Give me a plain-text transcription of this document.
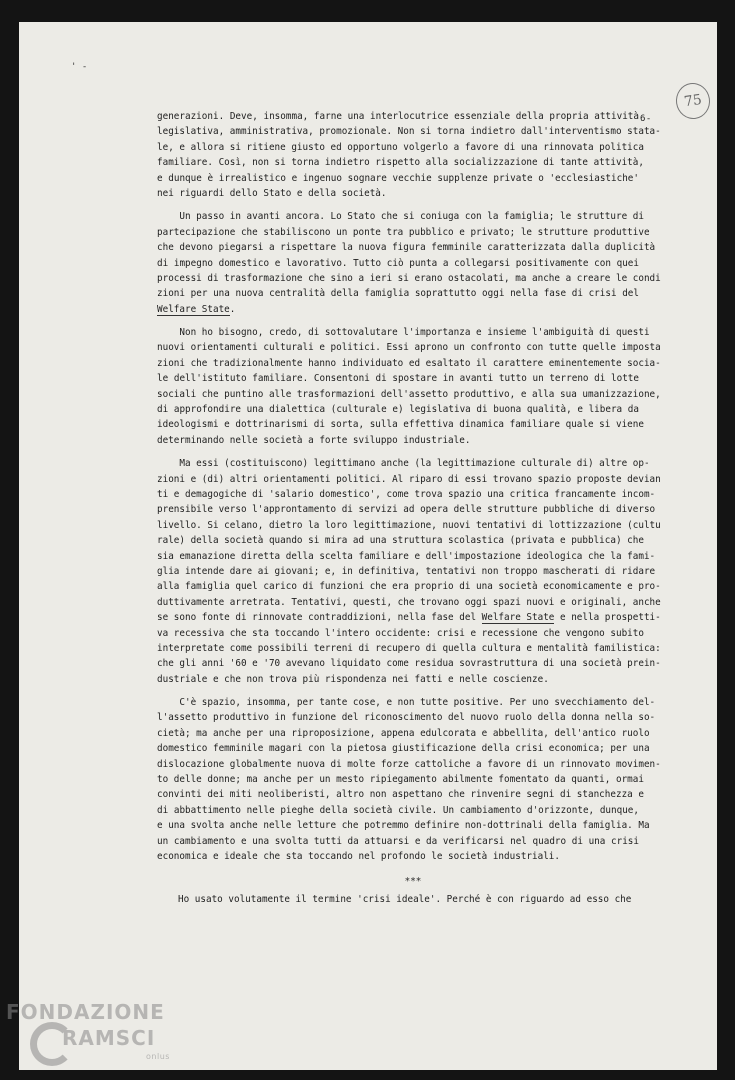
' -
75
6-
generazioni. Deve, insomma, farne una interlocutrice essenziale della propria attività
legislativa, amministrativa, promozionale. Non si torna indietro dall'interventismo stata-
le, e allora si ritiene giusto ed opportuno volgerlo a favore di una rinnovata politica
familiare. Così, non si torna indietro rispetto alla socializzazione di tante attività,
e dunque è irrealistico e ingenuo sognare vecchie supplenze private o 'ecclesiastiche'
nei riguardi dello Stato e della società.
Un passo in avanti ancora. Lo Stato che si coniuga con la famiglia; le strutture di
partecipazione che stabiliscono un ponte tra pubblico e privato; le strutture produttive
che devono piegarsi a rispettare la nuova figura femminile caratterizzata dalla duplicità
di impegno domestico e lavorativo. Tutto ciò punta a collegarsi positivamente con quei
processi di trasformazione che sino a ieri si erano ostacolati, ma anche a creare le condi
zioni per una nuova centralità della famiglia soprattutto oggi nella fase di crisi del
Welfare State.
Non ho bisogno, credo, di sottovalutare l'importanza e insieme l'ambiguità di questi
nuovi orientamenti culturali e politici. Essi aprono un confronto con tutte quelle imposta
zioni che tradizionalmente hanno individuato ed esaltato il carattere eminentemente socia-
le dell'istituto familiare. Consentoni di spostare in avanti tutto un terreno di lotte
sociali che puntino alle trasformazioni dell'assetto produttivo, e alla sua umanizzazione,
di approfondire una dialettica (culturale e) legislativa di buona qualità, e libera da
ideologismi e dottrinarismi di sorta, sulla effettiva dinamica familiare quale si viene
determinando nelle società a forte sviluppo industriale.
Ma essi (costituiscono) legittimano anche (la legittimazione culturale di) altre op-
zioni e (di) altri orientamenti politici. Al riparo di essi trovano spazio proposte devian
ti e demagogiche di 'salario domestico', come trova spazio una critica francamente incom-
prensibile verso l'approntamento di servizi ad opera delle strutture pubbliche di diverso
livello. Si celano, dietro la loro legittimazione, nuovi tentativi di lottizzazione (cultu
rale) della società quando si mira ad una struttura scolastica (privata e pubblica) che
sia emanazione diretta della scelta familiare e dell'impostazione ideologica che la fami-
glia intende dare ai giovani; e, in definitiva, tentativi non troppo mascherati di ridare
alla famiglia quel carico di funzioni che era proprio di una società economicamente e pro-
duttivamente arretrata. Tentativi, questi, che trovano oggi spazi nuovi e originali, anche
se sono fonte di rinnovate contraddizioni, nella fase del Welfare State e nella prospetti-
va recessiva che sta toccando l'intero occidente: crisi e recessione che vengono subito
interpretate come possibili terreni di recupero di quella cultura e mentalità familistica:
che gli anni '60 e '70 avevano liquidato come residua sovrastruttura di una società prein-
dustriale e che non trova più rispondenza nei fatti e nelle coscienze.
C'è spazio, insomma, per tante cose, e non tutte positive. Per uno svecchiamento del-
l'assetto produttivo in funzione del riconoscimento del nuovo ruolo della donna nella so-
cietà; ma anche per una riproposizione, appena edulcorata e abbellita, dell'antico ruolo
domestico femminile magari con la pietosa giustificazione della crisi economica; per una
dislocazione globalmente nuova di molte forze cattoliche a favore di un rinnovato movimen-
to delle donne; ma anche per un mesto ripiegamento abilmente fomentato da quanti, ormai
convinti dei miti neoliberisti, altro non aspettano che rinvenire segni di stanchezza e
di abbattimento nelle pieghe della società civile. Un cambiamento d'orizzonte, dunque,
e una svolta anche nelle letture che potremmo definire non-dottrinali della famiglia. Ma
un cambiamento e una svolta tutti da attuarsi e da verificarsi nel quadro di una crisi
economica e ideale che sta toccando nel profondo le società industriali.
***
Ho usato volutamente il termine 'crisi ideale'. Perché è con riguardo ad esso che
FONDAZIONE
RAMSCI
onlus
